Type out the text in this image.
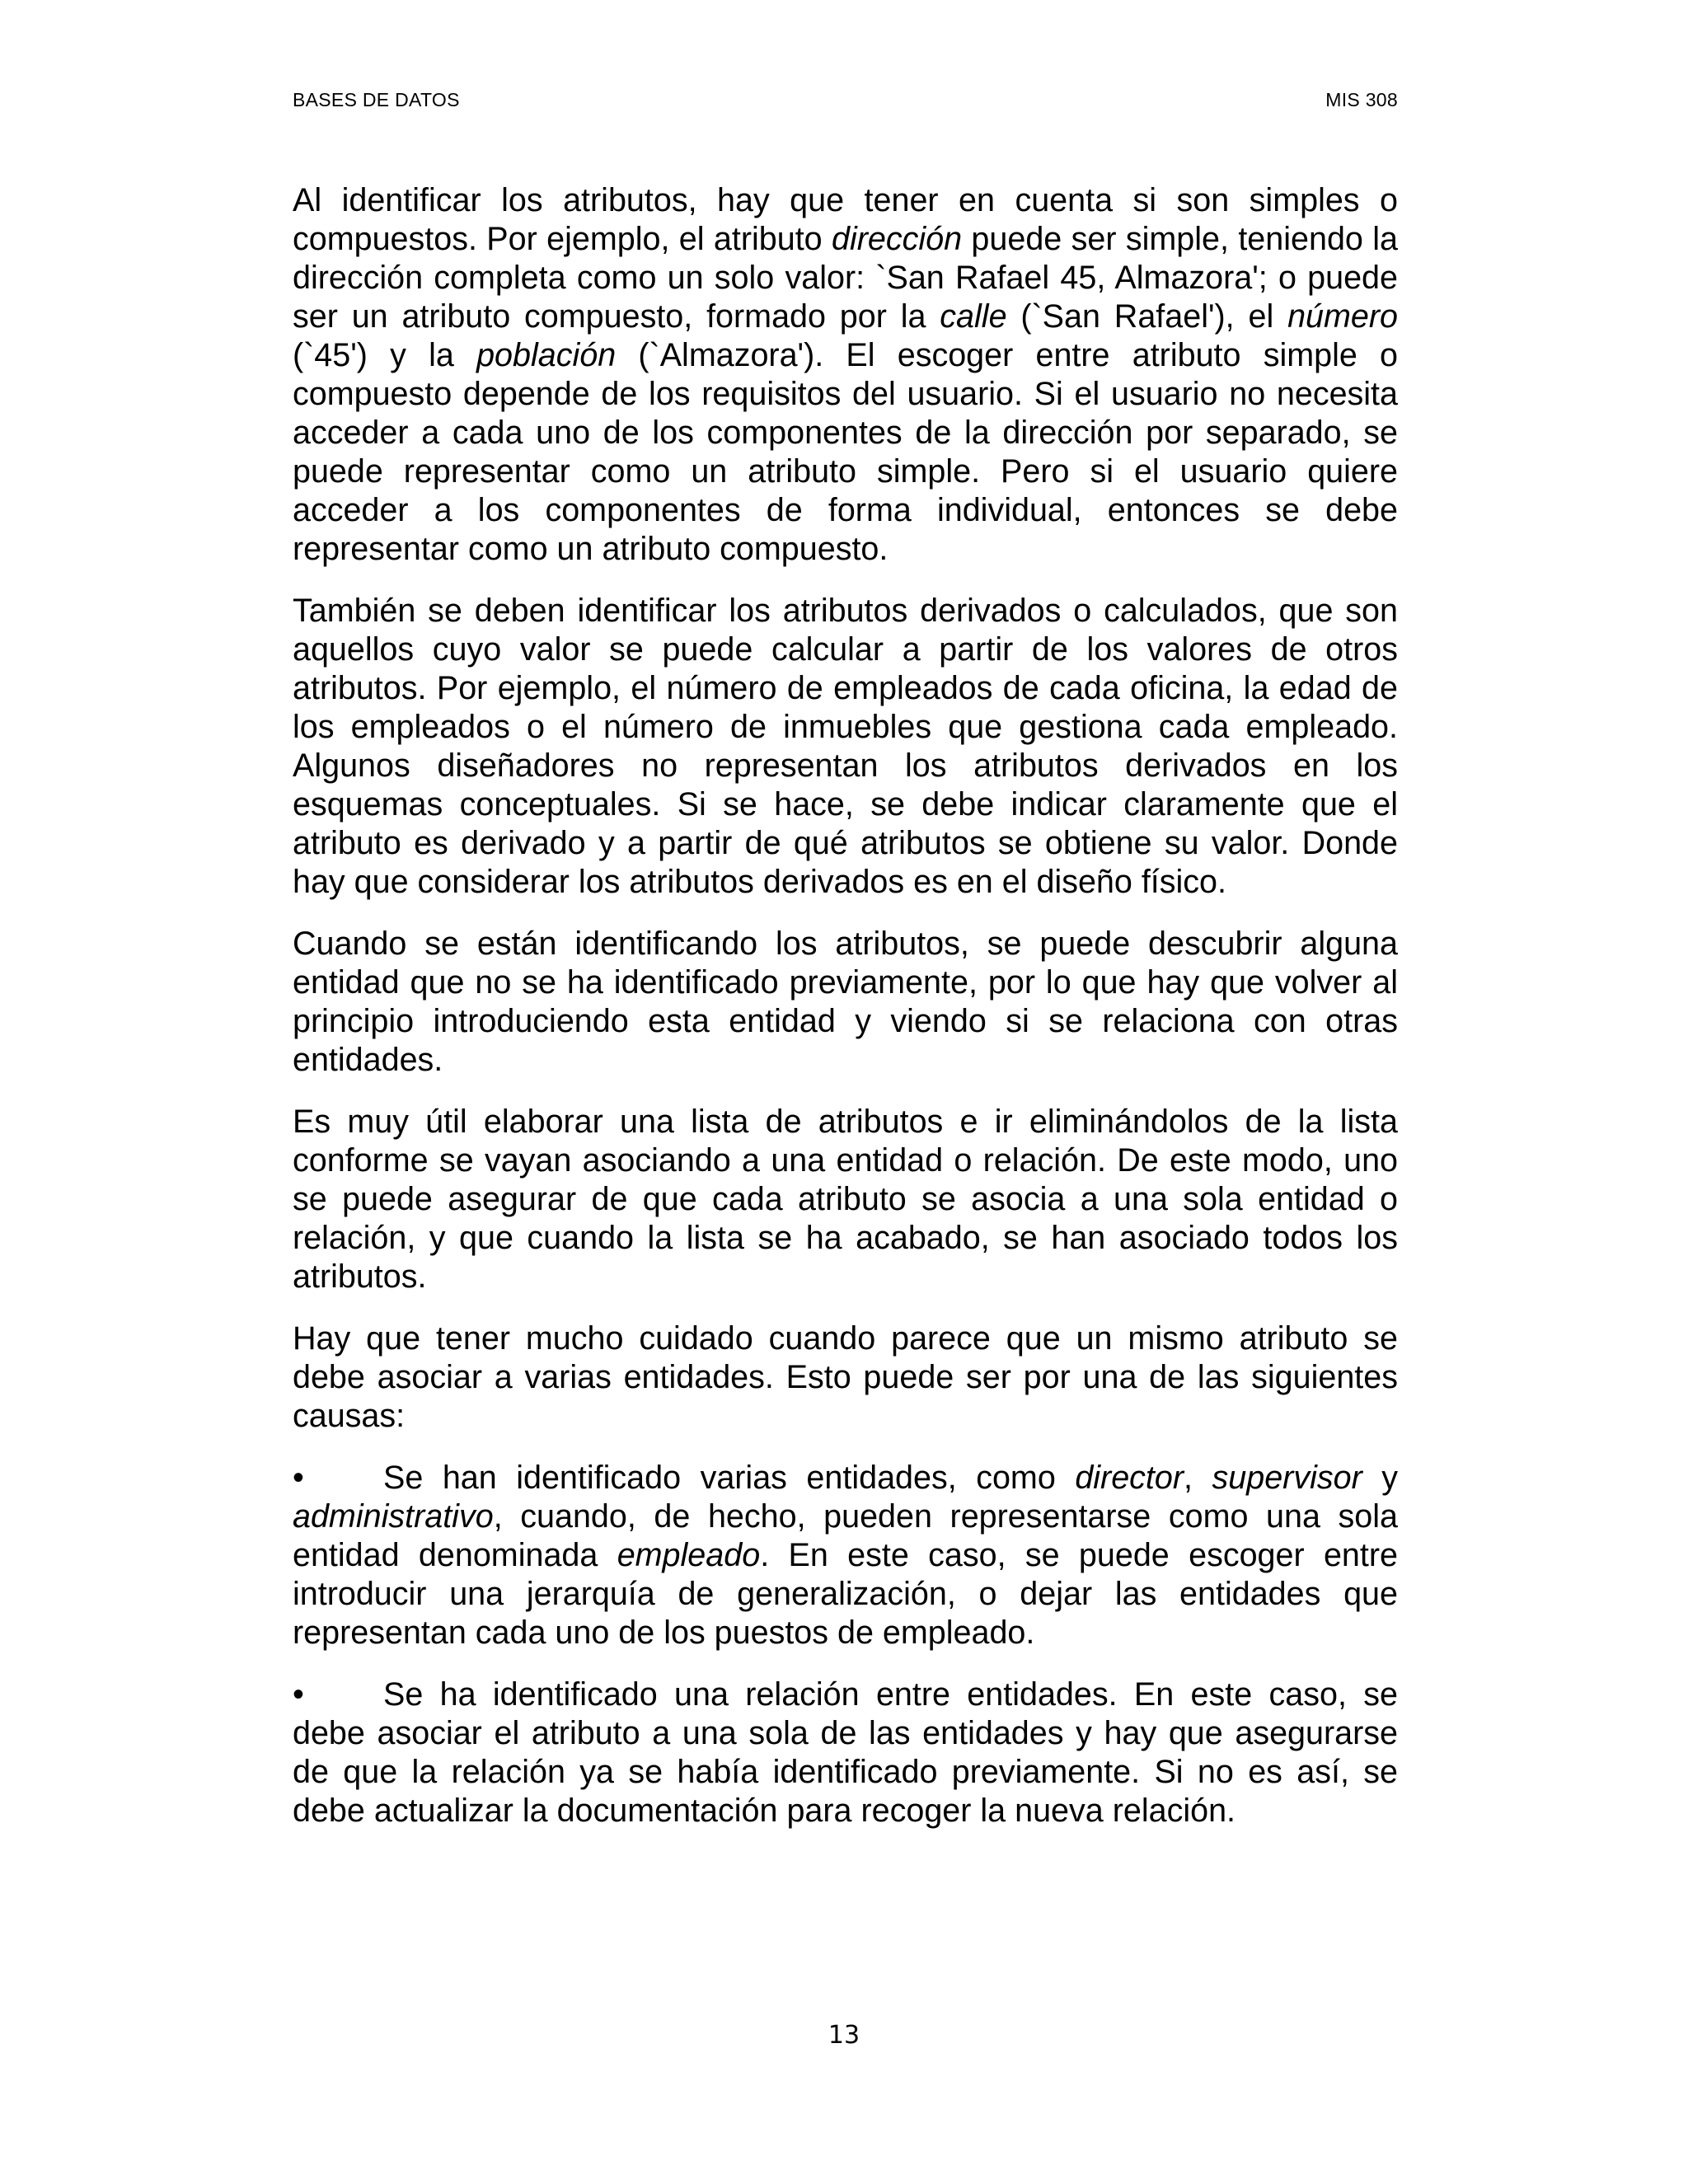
BASES DE DATOS	MIS 308

Al identificar los atributos, hay que tener en cuenta si son simples o compuestos. Por ejemplo, el atributo dirección puede ser simple, teniendo la dirección completa como un solo valor: `San Rafael 45, Almazora'; o puede ser un atributo compuesto, formado por la calle (`San Rafael'), el número (`45') y la población (`Almazora'). El escoger entre atributo simple o compuesto depende de los requisitos del usuario. Si el usuario no necesita acceder a cada uno de los componentes de la dirección por separado, se puede representar como un atributo simple. Pero si el usuario quiere acceder a los componentes de forma individual, entonces se debe representar como un atributo compuesto.

También se deben identificar los atributos derivados o calculados, que son aquellos cuyo valor se puede calcular a partir de los valores de otros atributos. Por ejemplo, el número de empleados de cada oficina, la edad de los empleados o el número de inmuebles que gestiona cada empleado. Algunos diseñadores no representan los atributos derivados en los esquemas conceptuales. Si se hace, se debe indicar claramente que el atributo es derivado y a partir de qué atributos se obtiene su valor. Donde hay que considerar los atributos derivados es en el diseño físico.

Cuando se están identificando los atributos, se puede descubrir alguna entidad que no se ha identificado previamente, por lo que hay que volver al principio introduciendo esta entidad y viendo si se relaciona con otras entidades.

Es muy útil elaborar una lista de atributos e ir eliminándolos de la lista conforme se vayan asociando a una entidad o relación. De este modo, uno se puede asegurar de que cada atributo se asocia a una sola entidad o relación, y que cuando la lista se ha acabado, se han asociado todos los atributos.

Hay que tener mucho cuidado cuando parece que un mismo atributo se debe asociar a varias entidades. Esto puede ser por una de las siguientes causas:

• Se han identificado varias entidades, como director, supervisor y administrativo, cuando, de hecho, pueden representarse como una sola entidad denominada empleado. En este caso, se puede escoger entre introducir una jerarquía de generalización, o dejar las entidades que representan cada uno de los puestos de empleado.

• Se ha identificado una relación entre entidades. En este caso, se debe asociar el atributo a una sola de las entidades y hay que asegurarse de que la relación ya se había identificado previamente. Si no es así, se debe actualizar la documentación para recoger la nueva relación.

13
